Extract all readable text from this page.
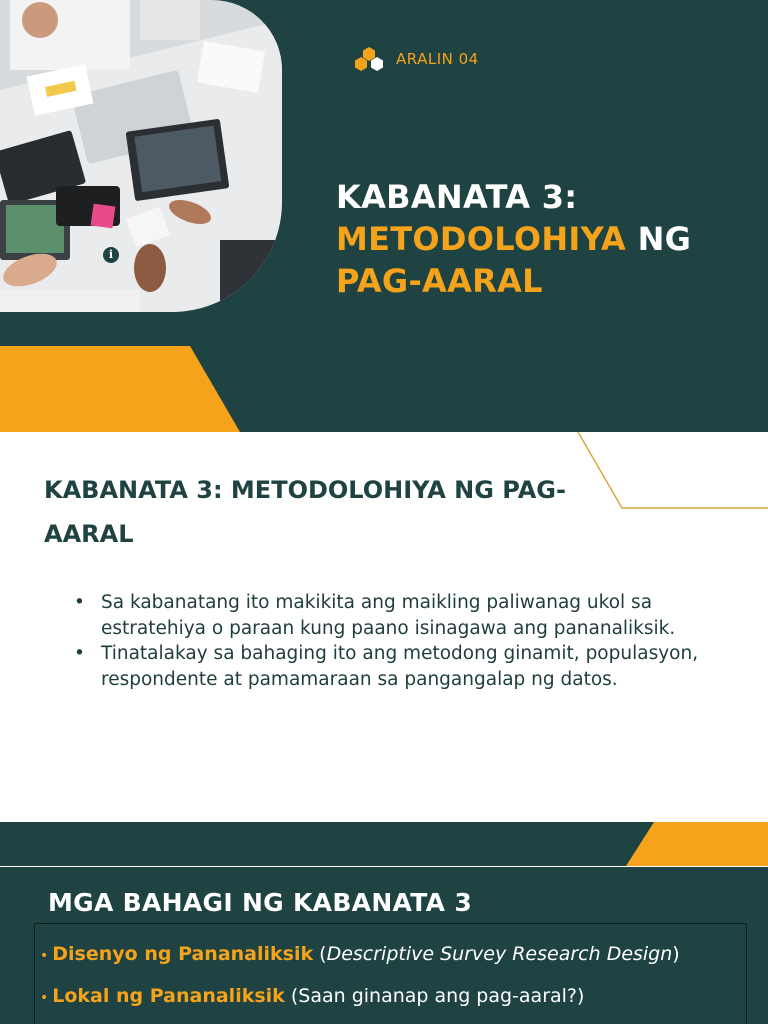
i
ARALIN 04
KABANATA 3:
METODOLOHIYA NG
PAG-AARAL
KABANATA 3: METODOLOHIYA NG PAG-AARAL
• Sa kabanatang ito makikita ang maikling paliwanag ukol sa estratehiya o paraan kung paano isinagawa ang pananaliksik.
• Tinatalakay sa bahaging ito ang metodong ginamit, populasyon, respondente at pamamaraan sa pangangalap ng datos.
MGA BAHAGI NG KABANATA 3
• Disenyo ng Pananaliksik (Descriptive Survey Research Design)
• Lokal ng Pananaliksik (Saan ginanap ang pag-aaral?)
